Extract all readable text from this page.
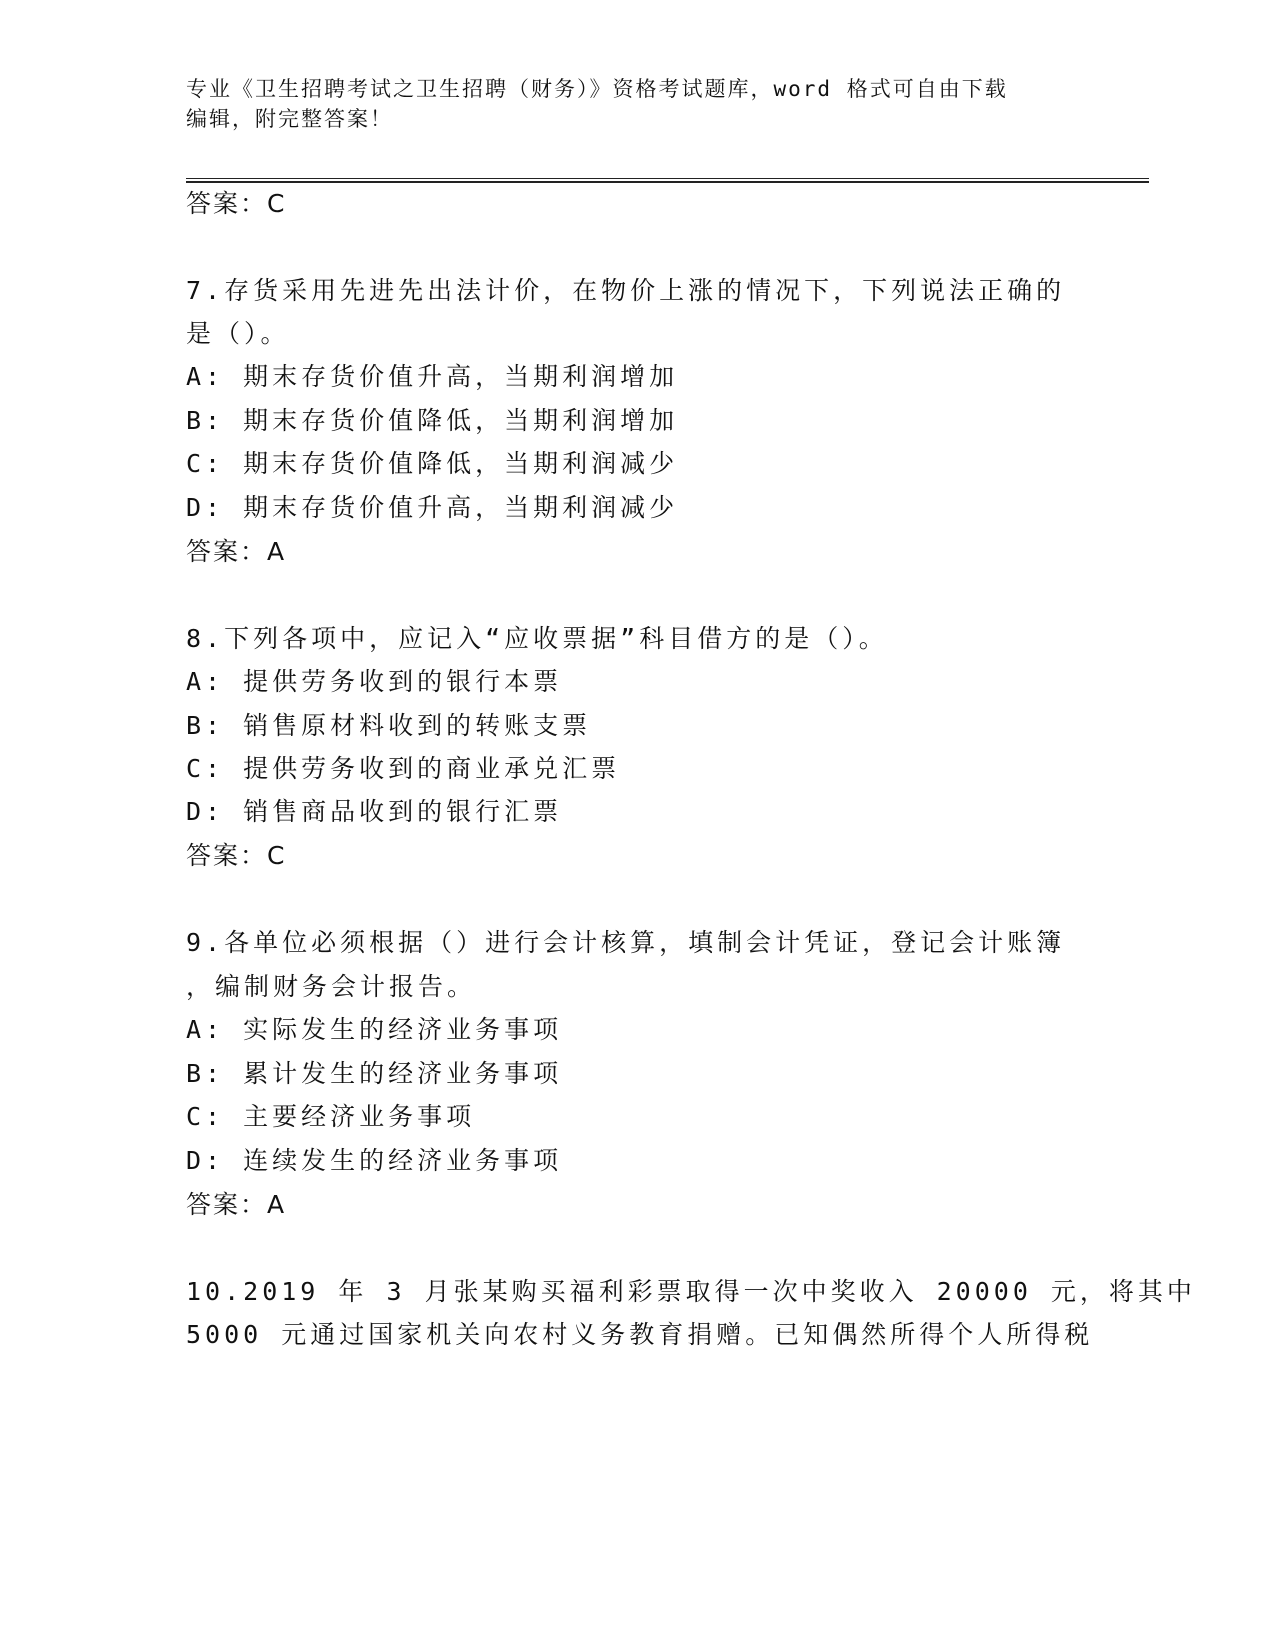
专业《卫生招聘考试之卫生招聘（财务）》资格考试题库，word 格式可自由下载
编辑，附完整答案！
答案：C
7.存货采用先进先出法计价，在物价上涨的情况下，下列说法正确的
是（）。
A: 期末存货价值升高，当期利润增加
B: 期末存货价值降低，当期利润增加
C: 期末存货价值降低，当期利润减少
D: 期末存货价值升高，当期利润减少
答案：A
8.下列各项中，应记入“应收票据”科目借方的是（）。
A: 提供劳务收到的银行本票
B: 销售原材料收到的转账支票
C: 提供劳务收到的商业承兑汇票
D: 销售商品收到的银行汇票
答案：C
9.各单位必须根据（）进行会计核算，填制会计凭证，登记会计账簿
，编制财务会计报告。
A: 实际发生的经济业务事项
B: 累计发生的经济业务事项
C: 主要经济业务事项
D: 连续发生的经济业务事项
答案：A
10.2019 年 3 月张某购买福利彩票取得一次中奖收入 20000 元，将其中
5000 元通过国家机关向农村义务教育捐赠。已知偶然所得个人所得税
